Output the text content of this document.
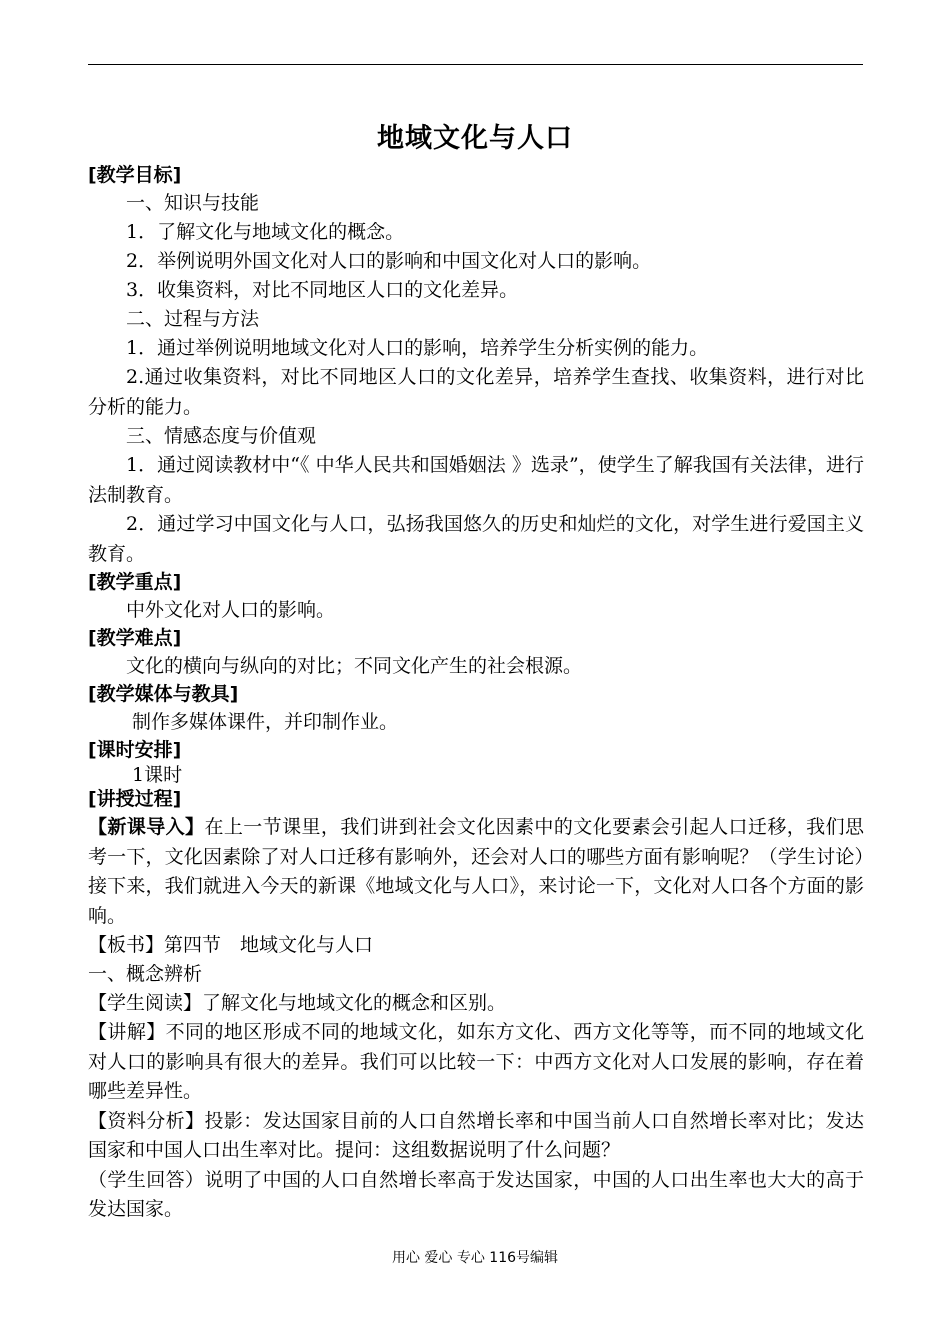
地域文化与人口
[教学目标]
一、知识与技能
1．了解文化与地域文化的概念。
2．举例说明外国文化对人口的影响和中国文化对人口的影响。
3．收集资料，对比不同地区人口的文化差异。
二、过程与方法
1．通过举例说明地域文化对人口的影响，培养学生分析实例的能力。
2.通过收集资料，对比不同地区人口的文化差异，培养学生查找、收集资料，进行对比分析的能力。
三、情感态度与价值观
1．通过阅读教材中“《 中华人民共和国婚姻法 》选录”，使学生了解我国有关法律，进行法制教育。
2．通过学习中国文化与人口，弘扬我国悠久的历史和灿烂的文化，对学生进行爱国主义教育。
[教学重点]
中外文化对人口的影响。
[教学难点]
文化的横向与纵向的对比；不同文化产生的社会根源。
[教学媒体与教具]
制作多媒体课件，并印制作业。
[课时安排]
1课时
[讲授过程]
【新课导入】在上一节课里，我们讲到社会文化因素中的文化要素会引起人口迁移，我们思考一下，文化因素除了对人口迁移有影响外，还会对人口的哪些方面有影响呢？（学生讨论）接下来，我们就进入今天的新课《地域文化与人口》，来讨论一下，文化对人口各个方面的影响。
【板书】第四节　地域文化与人口
一、概念辨析
【学生阅读】了解文化与地域文化的概念和区别。
【讲解】不同的地区形成不同的地域文化，如东方文化、西方文化等等，而不同的地域文化对人口的影响具有很大的差异。我们可以比较一下：中西方文化对人口发展的影响，存在着哪些差异性。
【资料分析】投影：发达国家目前的人口自然增长率和中国当前人口自然增长率对比；发达国家和中国人口出生率对比。提问：这组数据说明了什么问题？
（学生回答）说明了中国的人口自然增长率高于发达国家，中国的人口出生率也大大的高于发达国家。
用心 爱心 专心 116号编辑
